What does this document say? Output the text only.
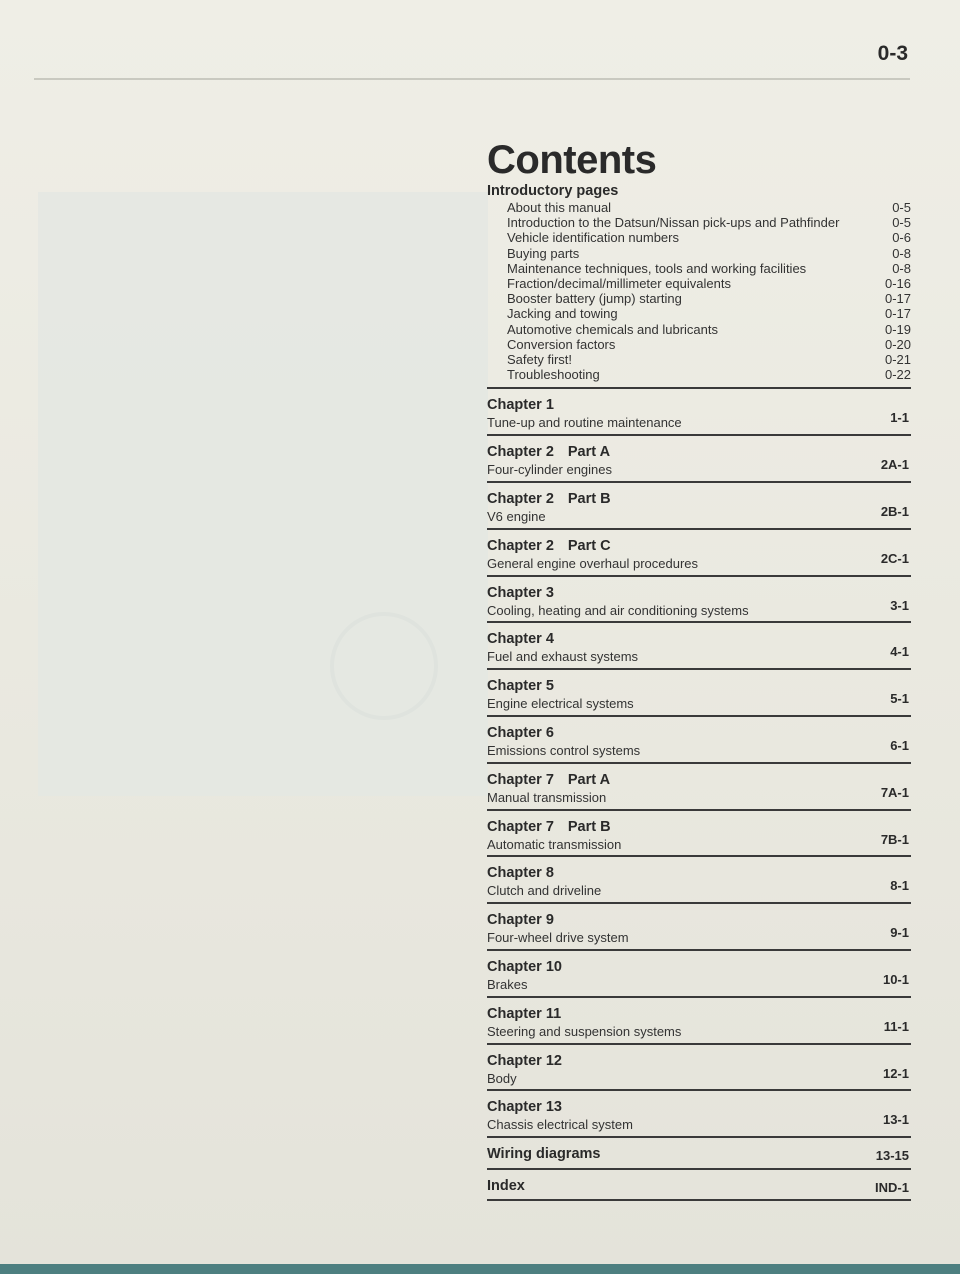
0-3

Contents
Introductory pages
About this manual	0-5
Introduction to the Datsun/Nissan pick-ups and Pathfinder	0-5
Vehicle identification numbers	0-6
Buying parts	0-8
Maintenance techniques, tools and working facilities	0-8
Fraction/decimal/millimeter equivalents	0-16
Booster battery (jump) starting	0-17
Jacking and towing	0-17
Automotive chemicals and lubricants	0-19
Conversion factors	0-20
Safety first!	0-21
Troubleshooting	0-22
Chapter 1
Tune-up and routine maintenance	1-1
Chapter 2 Part A
Four-cylinder engines	2A-1
Chapter 2 Part B
V6 engine	2B-1
Chapter 2 Part C
General engine overhaul procedures	2C-1
Chapter 3
Cooling, heating and air conditioning systems	3-1
Chapter 4
Fuel and exhaust systems	4-1
Chapter 5
Engine electrical systems	5-1
Chapter 6
Emissions control systems	6-1
Chapter 7 Part A
Manual transmission	7A-1
Chapter 7 Part B
Automatic transmission	7B-1
Chapter 8
Clutch and driveline	8-1
Chapter 9
Four-wheel drive system	9-1
Chapter 10
Brakes	10-1
Chapter 11
Steering and suspension systems	11-1
Chapter 12
Body	12-1
Chapter 13
Chassis electrical system	13-1
Wiring diagrams	13-15
Index	IND-1
